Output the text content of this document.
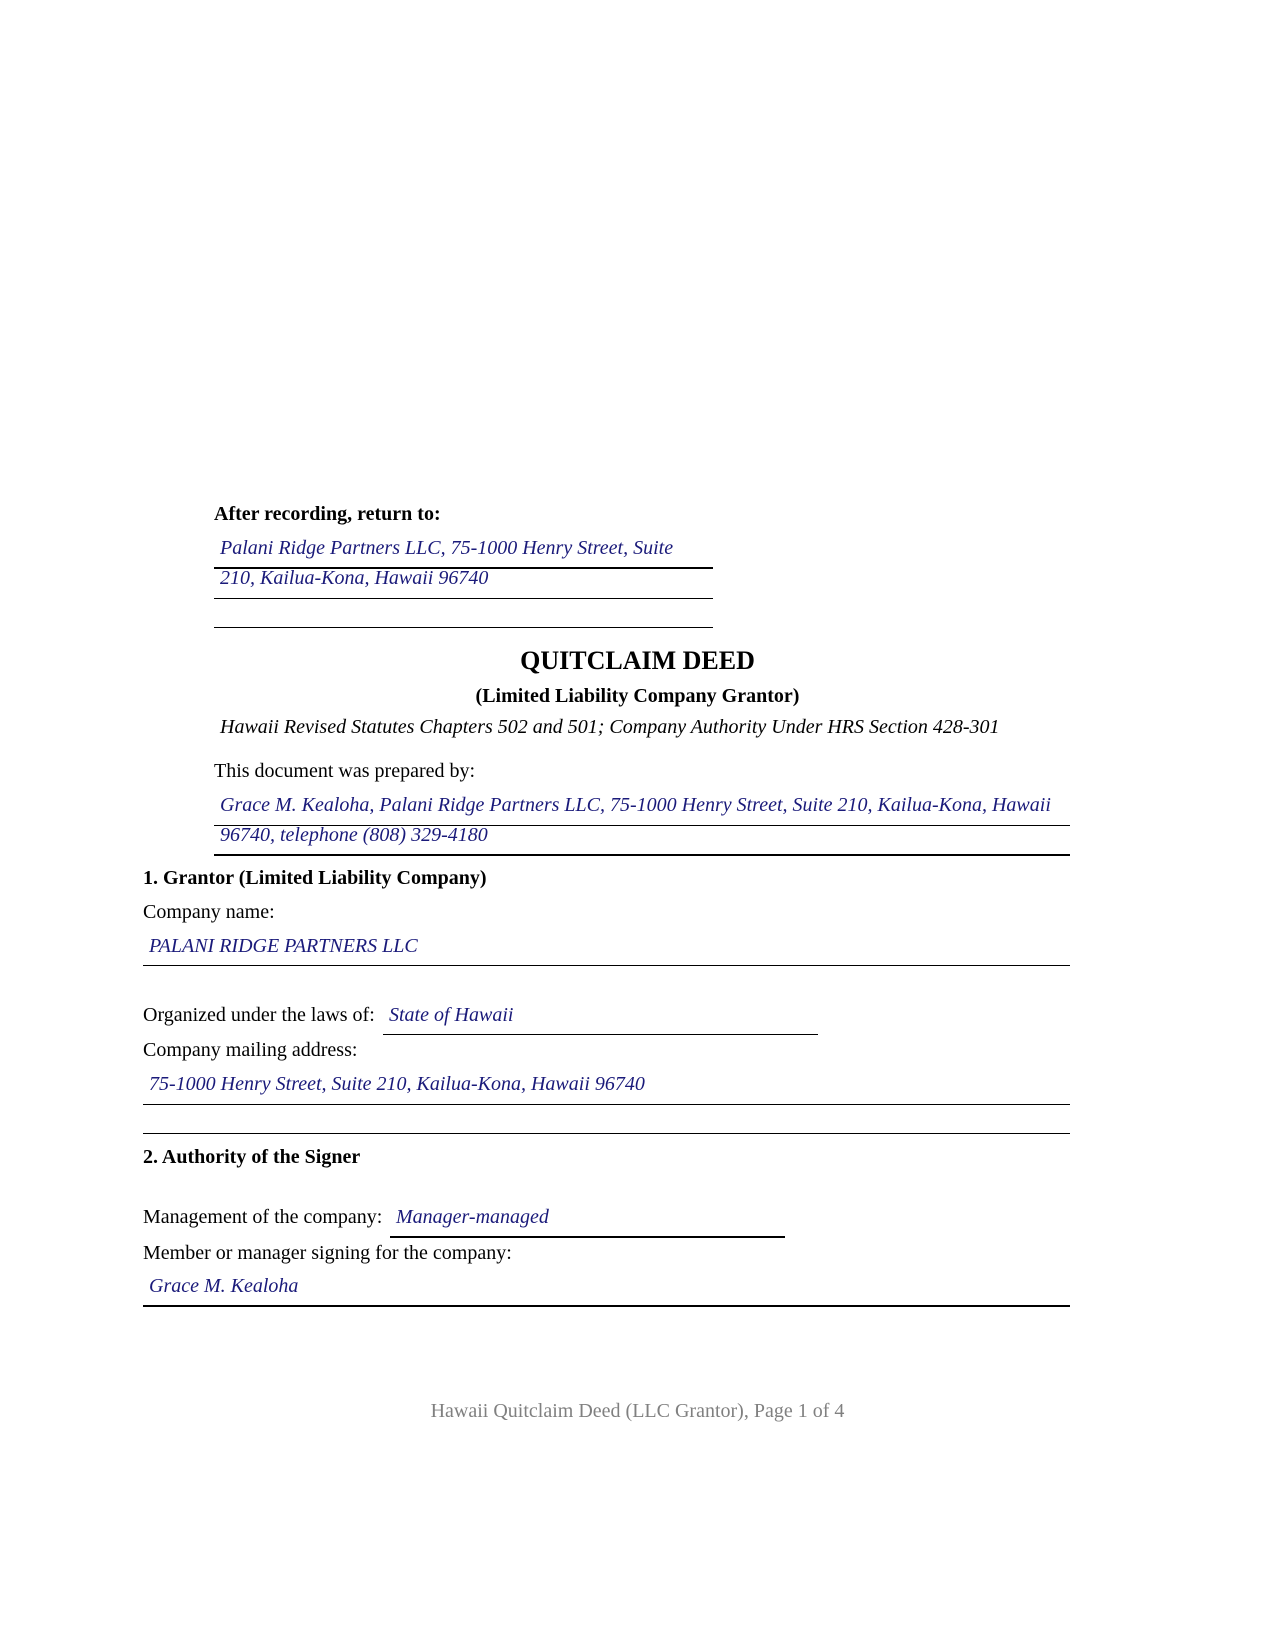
After recording, return to:
Palani Ridge Partners LLC, 75-1000 Henry Street, Suite
210, Kailua-Kona, Hawaii 96740
QUITCLAIM DEED
(Limited Liability Company Grantor)
Hawaii Revised Statutes Chapters 502 and 501; Company Authority Under HRS Section 428-301
This document was prepared by:
Grace M. Kealoha, Palani Ridge Partners LLC, 75-1000 Henry Street, Suite 210, Kailua-Kona, Hawaii
96740, telephone (808) 329-4180
1. Grantor (Limited Liability Company)
Company name:
PALANI RIDGE PARTNERS LLC
Organized under the laws of: State of Hawaii
Company mailing address:
75-1000 Henry Street, Suite 210, Kailua-Kona, Hawaii 96740
2. Authority of the Signer
Management of the company: Manager-managed
Member or manager signing for the company:
Grace M. Kealoha
Hawaii Quitclaim Deed (LLC Grantor), Page 1 of 4
